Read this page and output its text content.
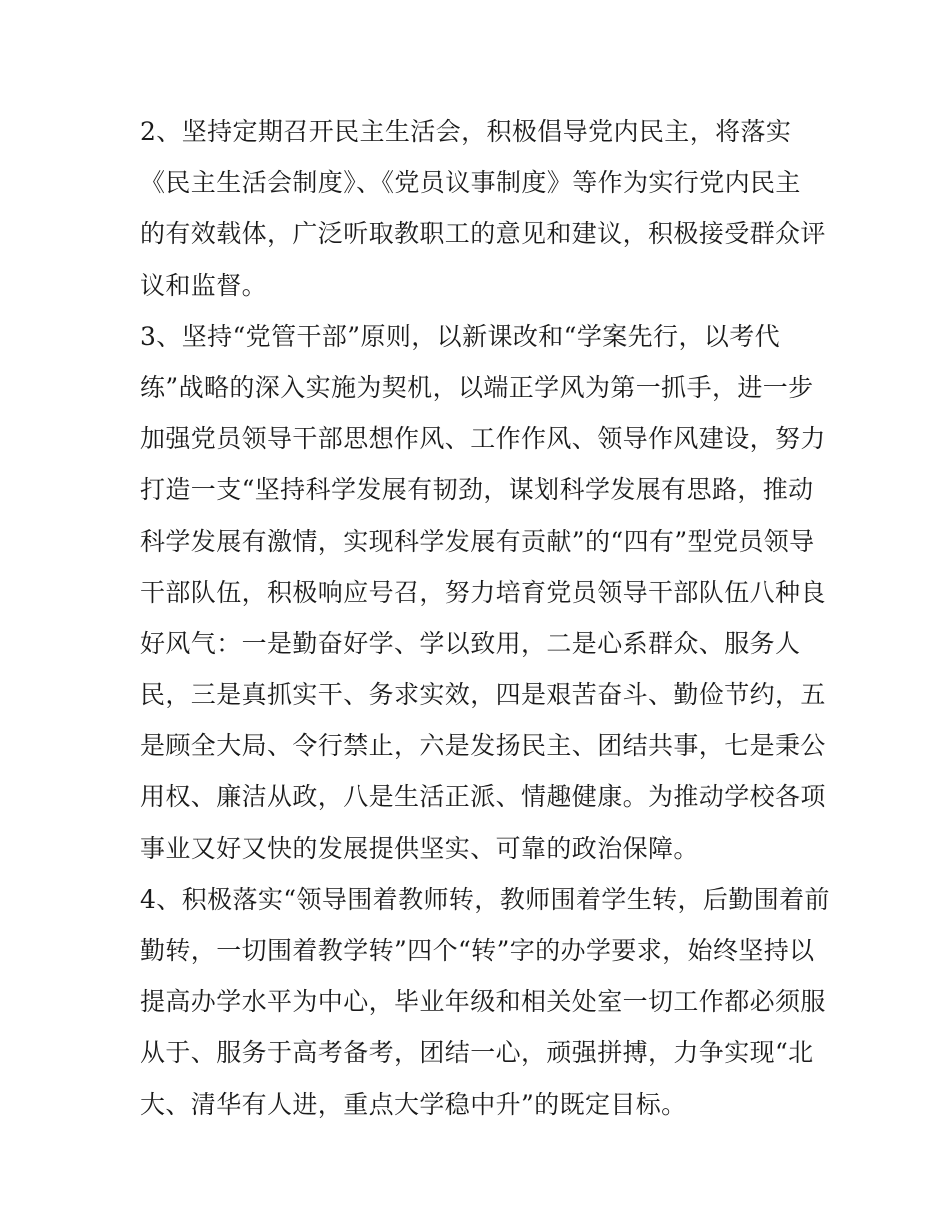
2、坚持定期召开民主生活会，积极倡导党内民主，将落实
《民主生活会制度》、《党员议事制度》等作为实行党内民主
的有效载体，广泛听取教职工的意见和建议，积极接受群众评
议和监督。
3、坚持“党管干部”原则，以新课改和“学案先行，以考代
练”战略的深入实施为契机，以端正学风为第一抓手，进一步
加强党员领导干部思想作风、工作作风、领导作风建设，努力
打造一支“坚持科学发展有韧劲，谋划科学发展有思路，推动
科学发展有激情，实现科学发展有贡献”的“四有”型党员领导
干部队伍，积极响应号召，努力培育党员领导干部队伍八种良
好风气：一是勤奋好学、学以致用，二是心系群众、服务人
民，三是真抓实干、务求实效，四是艰苦奋斗、勤俭节约，五
是顾全大局、令行禁止，六是发扬民主、团结共事，七是秉公
用权、廉洁从政，八是生活正派、情趣健康。为推动学校各项
事业又好又快的发展提供坚实、可靠的政治保障。
4、积极落实“领导围着教师转，教师围着学生转，后勤围着前
勤转，一切围着教学转”四个“转”字的办学要求，始终坚持以
提高办学水平为中心，毕业年级和相关处室一切工作都必须服
从于、服务于高考备考，团结一心，顽强拼搏，力争实现“北
大、清华有人进，重点大学稳中升”的既定目标。
